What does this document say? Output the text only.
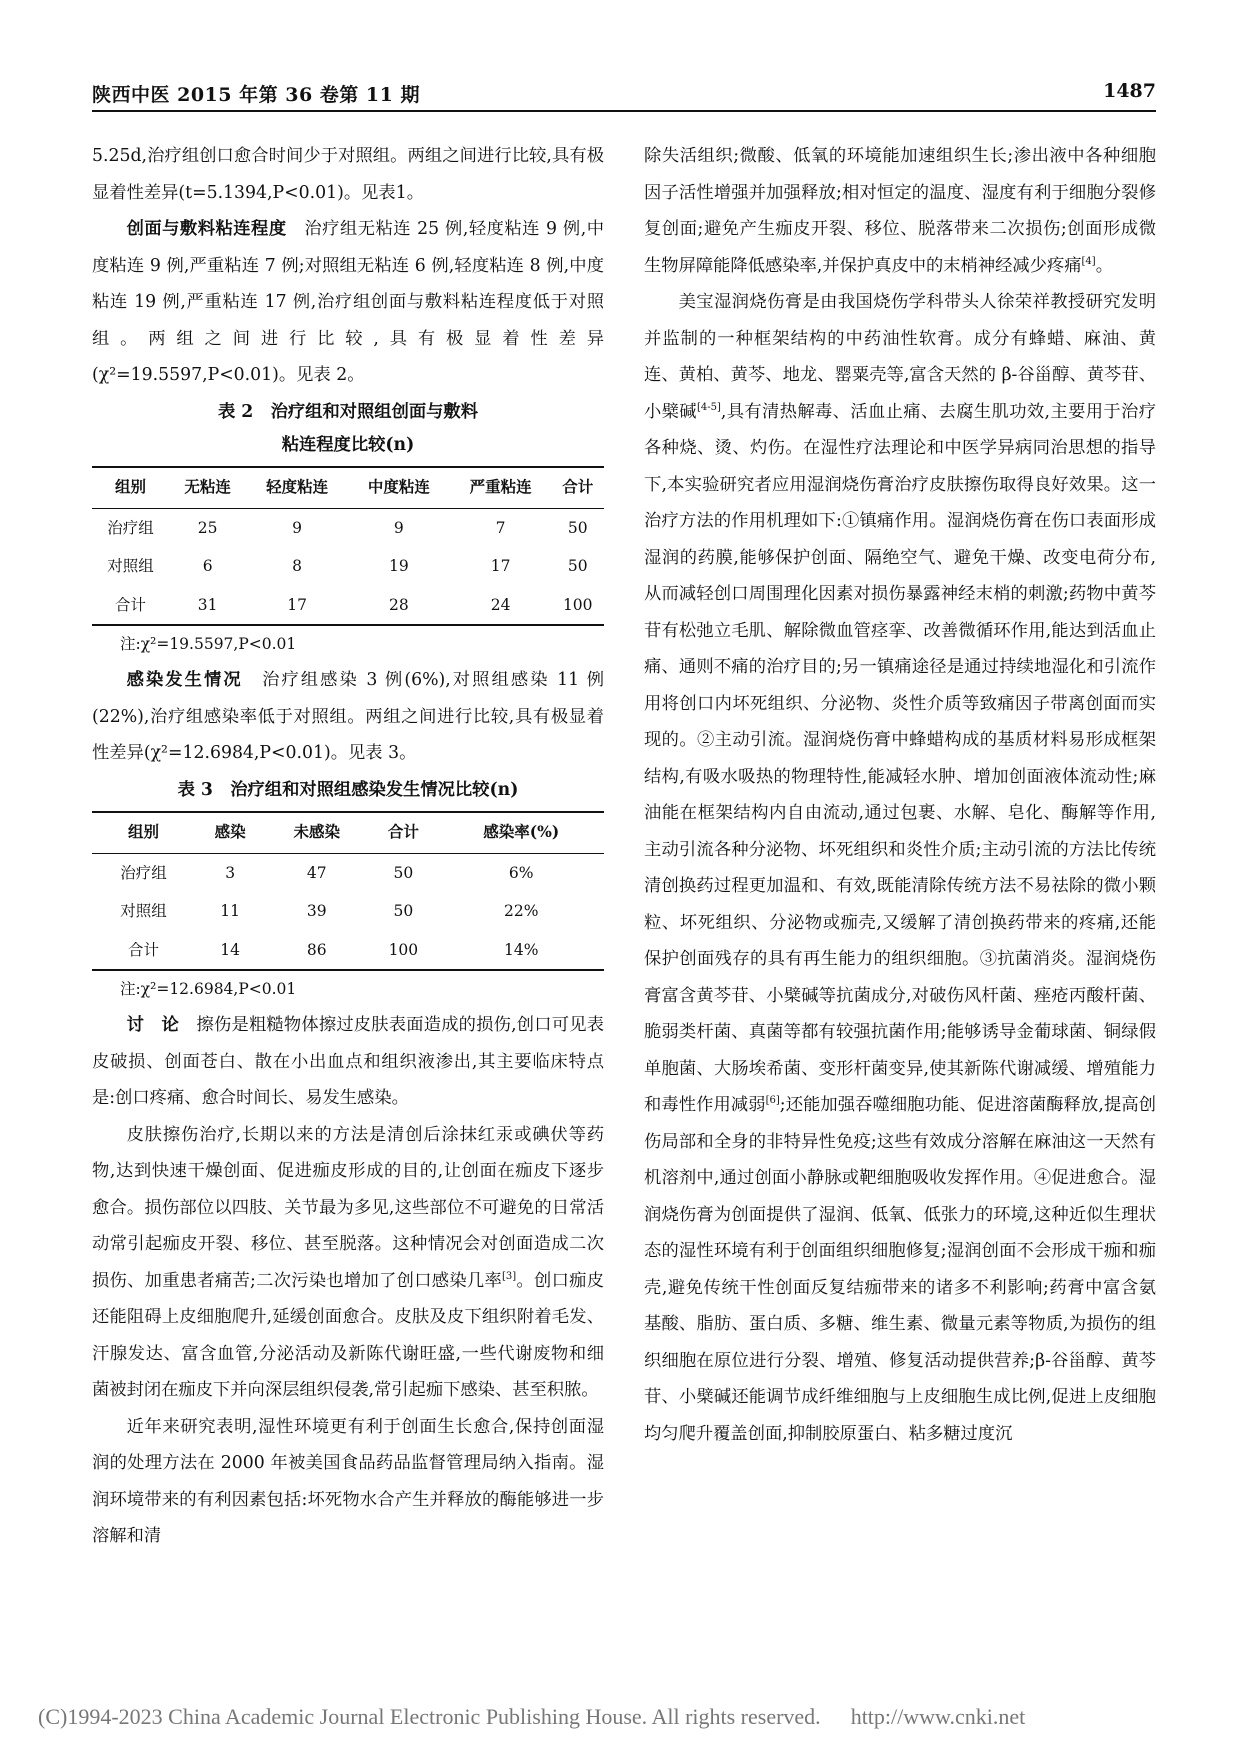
陕西中医 2015 年第 36 卷第 11 期	1487

5.25d,治疗组创口愈合时间少于对照组。两组之间进行比较,具有极显着性差异(t=5.1394,P<0.01)。见表1。

创面与敷料粘连程度　治疗组无粘连 25 例,轻度粘连 9 例,中度粘连 9 例,严重粘连 7 例;对照组无粘连 6 例,轻度粘连 8 例,中度粘连 19 例,严重粘连 17 例,治疗组创面与敷料粘连程度低于对照组。两组之间进行比较,具有极显着性差异(χ²=19.5597,P<0.01)。见表 2。

表 2　治疗组和对照组创面与敷料
粘连程度比较(n)
组别	无粘连	轻度粘连	中度粘连	严重粘连	合计
治疗组	25	9	9	7	50
对照组	6	8	19	17	50
合计	31	17	28	24	100
注:χ²=19.5597,P<0.01

感染发生情况　治疗组感染 3 例(6%),对照组感染 11 例(22%),治疗组感染率低于对照组。两组之间进行比较,具有极显着性差异(χ²=12.6984,P<0.01)。见表 3。

表 3　治疗组和对照组感染发生情况比较(n)
组别	感染	未感染	合计	感染率(%)
治疗组	3	47	50	6%
对照组	11	39	50	22%
合计	14	86	100	14%
注:χ²=12.6984,P<0.01

讨　论　擦伤是粗糙物体擦过皮肤表面造成的损伤,创口可见表皮破损、创面苍白、散在小出血点和组织液渗出,其主要临床特点是:创口疼痛、愈合时间长、易发生感染。

皮肤擦伤治疗,长期以来的方法是清创后涂抹红汞或碘伏等药物,达到快速干燥创面、促进痂皮形成的目的,让创面在痂皮下逐步愈合。损伤部位以四肢、关节最为多见,这些部位不可避免的日常活动常引起痂皮开裂、移位、甚至脱落。这种情况会对创面造成二次损伤、加重患者痛苦;二次污染也增加了创口感染几率[3]。创口痂皮还能阻碍上皮细胞爬升,延缓创面愈合。皮肤及皮下组织附着毛发、汗腺发达、富含血管,分泌活动及新陈代谢旺盛,一些代谢废物和细菌被封闭在痂皮下并向深层组织侵袭,常引起痂下感染、甚至积脓。

近年来研究表明,湿性环境更有利于创面生长愈合,保持创面湿润的处理方法在 2000 年被美国食品药品监督管理局纳入指南。湿润环境带来的有利因素包括:坏死物水合产生并释放的酶能够进一步溶解和清

除失活组织;微酸、低氧的环境能加速组织生长;渗出液中各种细胞因子活性增强并加强释放;相对恒定的温度、湿度有利于细胞分裂修复创面;避免产生痂皮开裂、移位、脱落带来二次损伤;创面形成微生物屏障能降低感染率,并保护真皮中的末梢神经减少疼痛[4]。

美宝湿润烧伤膏是由我国烧伤学科带头人徐荣祥教授研究发明并监制的一种框架结构的中药油性软膏。成分有蜂蜡、麻油、黄连、黄柏、黄芩、地龙、罂粟壳等,富含天然的 β-谷甾醇、黄芩苷、小檗碱[4-5],具有清热解毒、活血止痛、去腐生肌功效,主要用于治疗各种烧、烫、灼伤。在湿性疗法理论和中医学异病同治思想的指导下,本实验研究者应用湿润烧伤膏治疗皮肤擦伤取得良好效果。这一治疗方法的作用机理如下:①镇痛作用。湿润烧伤膏在伤口表面形成湿润的药膜,能够保护创面、隔绝空气、避免干燥、改变电荷分布,从而减轻创口周围理化因素对损伤暴露神经末梢的刺激;药物中黄芩苷有松弛立毛肌、解除微血管痉挛、改善微循环作用,能达到活血止痛、通则不痛的治疗目的;另一镇痛途径是通过持续地湿化和引流作用将创口内坏死组织、分泌物、炎性介质等致痛因子带离创面而实现的。②主动引流。湿润烧伤膏中蜂蜡构成的基质材料易形成框架结构,有吸水吸热的物理特性,能减轻水肿、增加创面液体流动性;麻油能在框架结构内自由流动,通过包裹、水解、皂化、酶解等作用,主动引流各种分泌物、坏死组织和炎性介质;主动引流的方法比传统清创换药过程更加温和、有效,既能清除传统方法不易祛除的微小颗粒、坏死组织、分泌物或痂壳,又缓解了清创换药带来的疼痛,还能保护创面残存的具有再生能力的组织细胞。③抗菌消炎。湿润烧伤膏富含黄芩苷、小檗碱等抗菌成分,对破伤风杆菌、痤疮丙酸杆菌、脆弱类杆菌、真菌等都有较强抗菌作用;能够诱导金葡球菌、铜绿假单胞菌、大肠埃希菌、变形杆菌变异,使其新陈代谢减缓、增殖能力和毒性作用减弱[6];还能加强吞噬细胞功能、促进溶菌酶释放,提高创伤局部和全身的非特异性免疫;这些有效成分溶解在麻油这一天然有机溶剂中,通过创面小静脉或靶细胞吸收发挥作用。④促进愈合。湿润烧伤膏为创面提供了湿润、低氧、低张力的环境,这种近似生理状态的湿性环境有利于创面组织细胞修复;湿润创面不会形成干痂和痂壳,避免传统干性创面反复结痂带来的诸多不利影响;药膏中富含氨基酸、脂肪、蛋白质、多糖、维生素、微量元素等物质,为损伤的组织细胞在原位进行分裂、增殖、修复活动提供营养;β-谷甾醇、黄芩苷、小檗碱还能调节成纤维细胞与上皮细胞生成比例,促进上皮细胞均匀爬升覆盖创面,抑制胶原蛋白、粘多糖过度沉

(C)1994-2023 China Academic Journal Electronic Publishing House. All rights reserved. http://www.cnki.net
